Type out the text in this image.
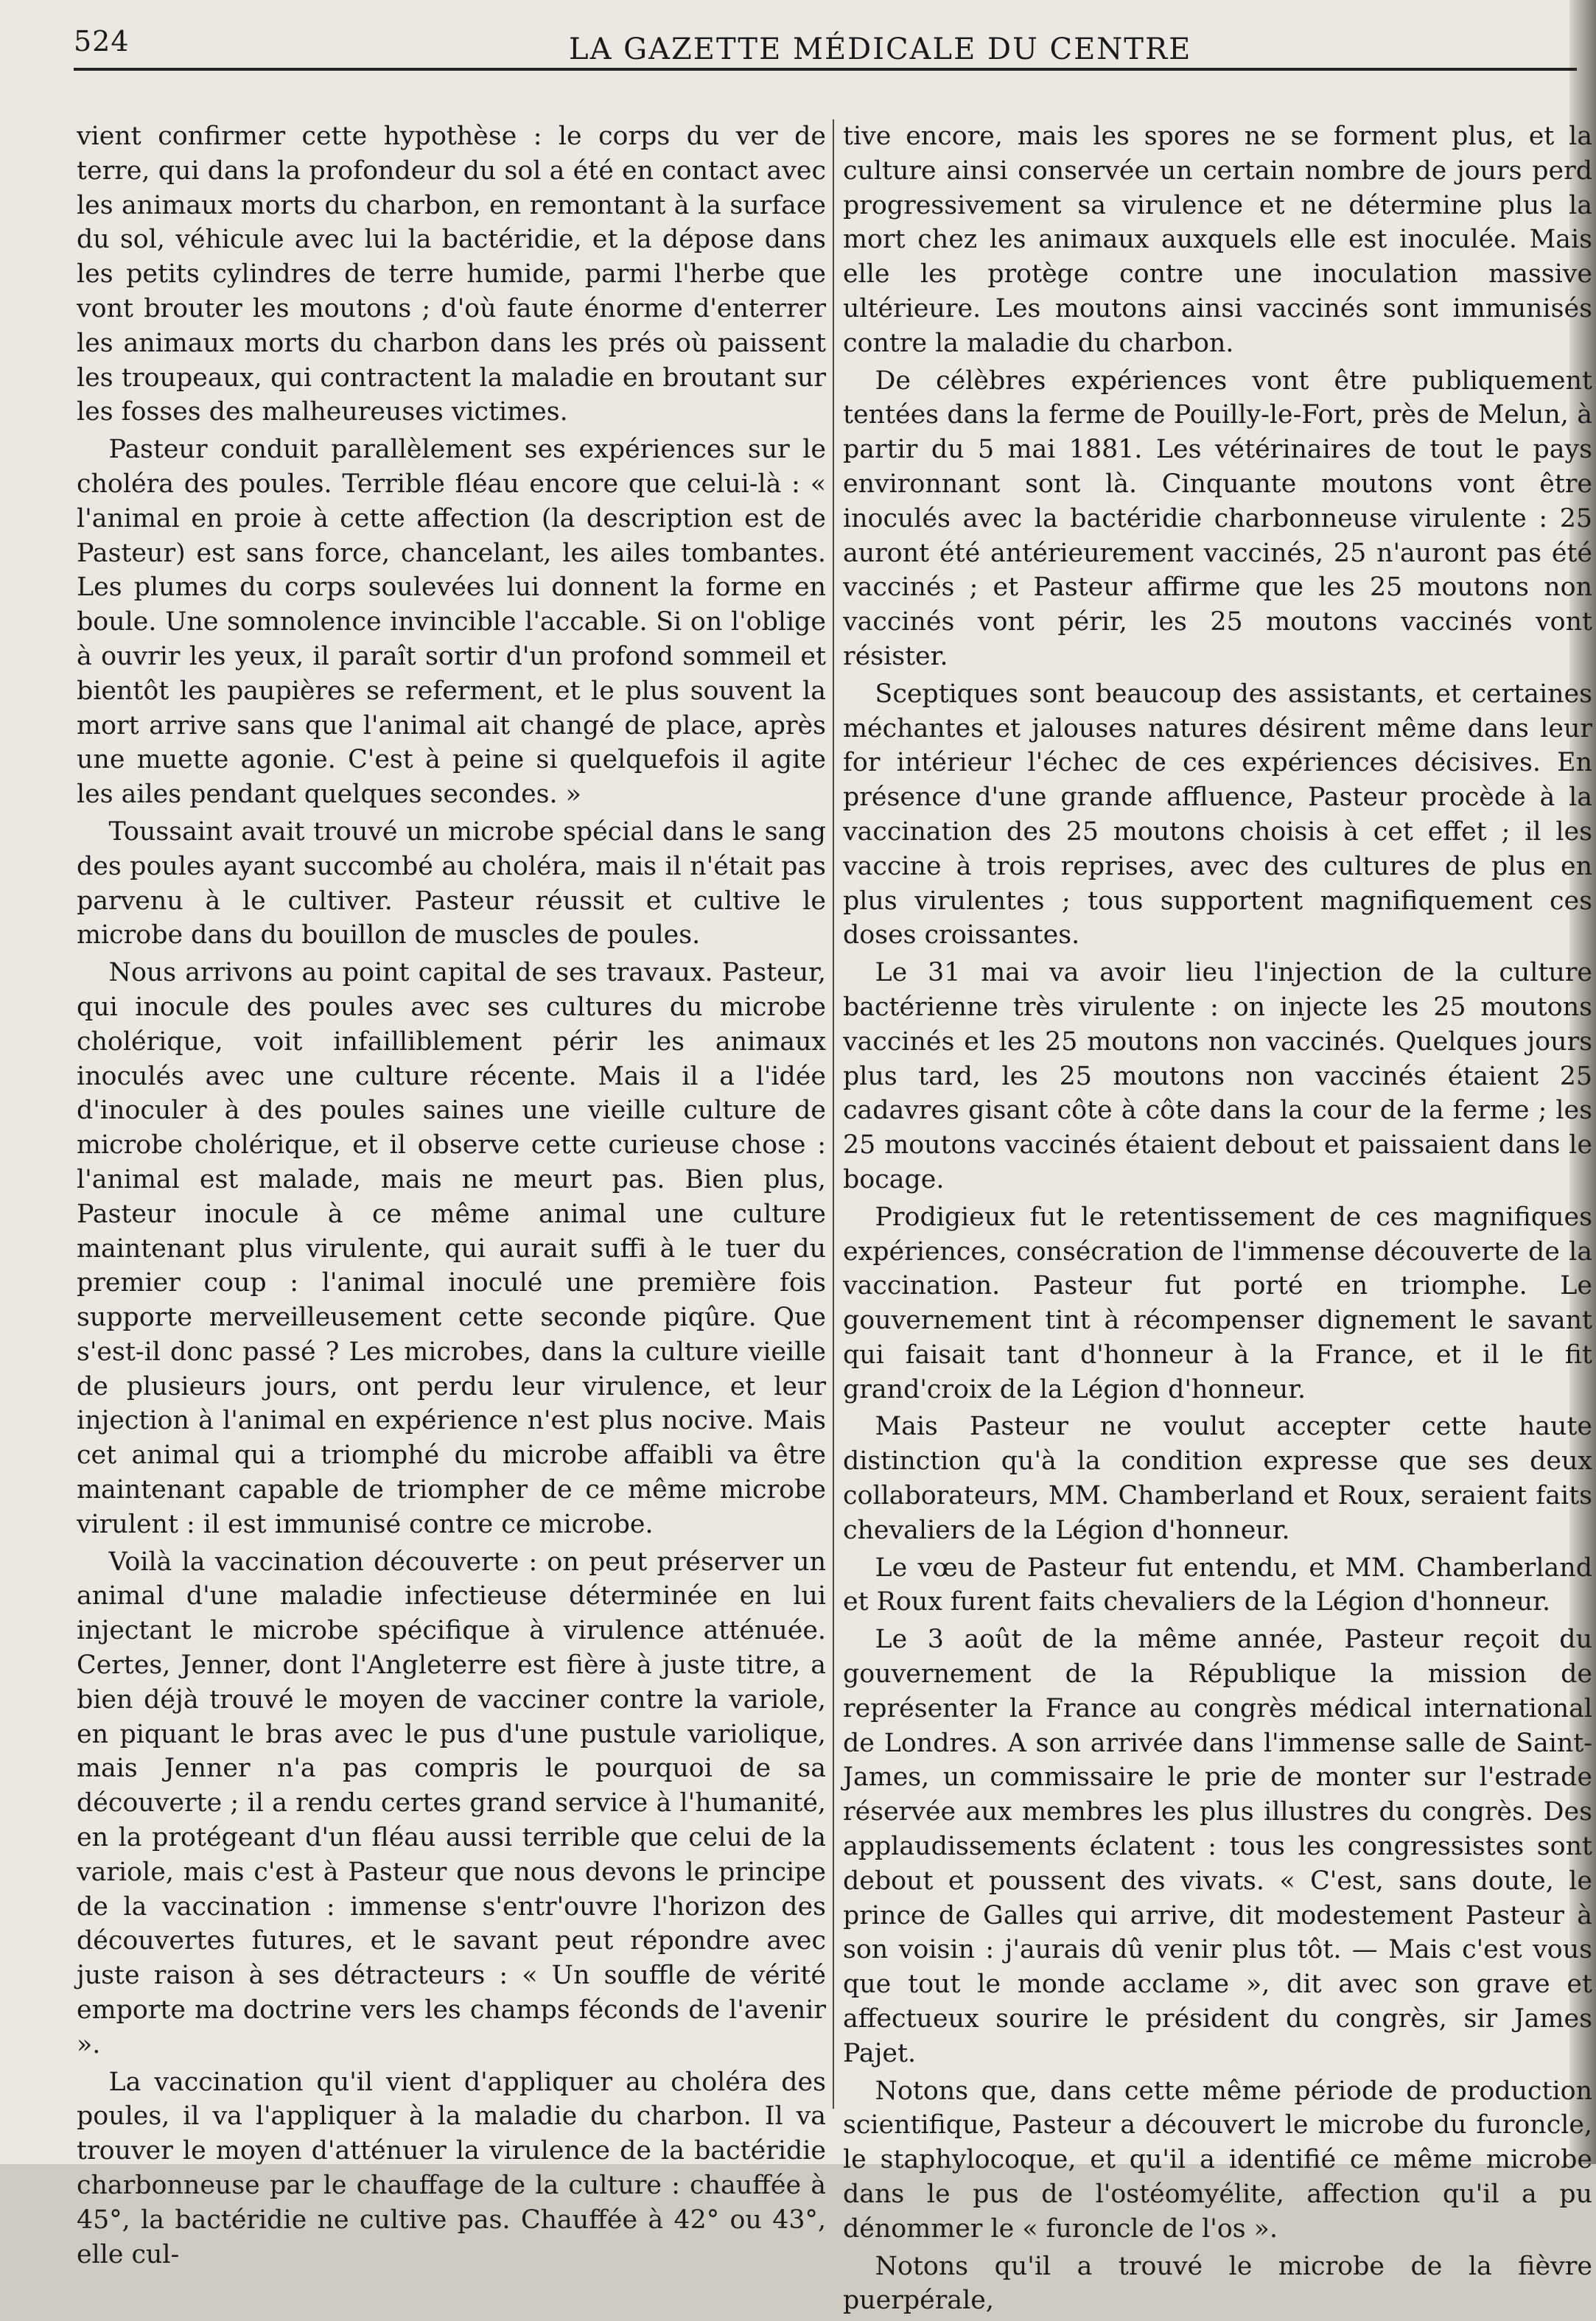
524	LA GAZETTE MÉDICALE DU CENTRE

vient confirmer cette hypothèse : le corps du ver de terre, qui dans la profondeur du sol a été en contact avec les animaux morts du charbon, en remontant à la surface du sol, véhicule avec lui la bactéridie, et la dépose dans les petits cylindres de terre humide, parmi l'herbe que vont brouter les moutons ; d'où faute énorme d'enterrer les animaux morts du charbon dans les prés où paissent les troupeaux, qui contractent la maladie en broutant sur les fosses des malheureuses victimes.

Pasteur conduit parallèlement ses expériences sur le choléra des poules. Terrible fléau encore que celui-là : « l'animal en proie à cette affection (la description est de Pasteur) est sans force, chancelant, les ailes tombantes. Les plumes du corps soulevées lui donnent la forme en boule. Une somnolence invincible l'accable. Si on l'oblige à ouvrir les yeux, il paraît sortir d'un profond sommeil et bientôt les paupières se referment, et le plus souvent la mort arrive sans que l'animal ait changé de place, après une muette agonie. C'est à peine si quelquefois il agite les ailes pendant quelques secondes. »

Toussaint avait trouvé un microbe spécial dans le sang des poules ayant succombé au choléra, mais il n'était pas parvenu à le cultiver. Pasteur réussit et cultive le microbe dans du bouillon de muscles de poules.

Nous arrivons au point capital de ses travaux. Pasteur, qui inocule des poules avec ses cultures du microbe cholérique, voit infailliblement périr les animaux inoculés avec une culture récente. Mais il a l'idée d'inoculer à des poules saines une vieille culture de microbe cholérique, et il observe cette curieuse chose : l'animal est malade, mais ne meurt pas. Bien plus, Pasteur inocule à ce même animal une culture maintenant plus virulente, qui aurait suffi à le tuer du premier coup : l'animal inoculé une première fois supporte merveilleusement cette seconde piqûre. Que s'est-il donc passé ? Les microbes, dans la culture vieille de plusieurs jours, ont perdu leur virulence, et leur injection à l'animal en expérience n'est plus nocive. Mais cet animal qui a triomphé du microbe affaibli va être maintenant capable de triompher de ce même microbe virulent : il est immunisé contre ce microbe.

Voilà la vaccination découverte : on peut préserver un animal d'une maladie infectieuse déterminée en lui injectant le microbe spécifique à virulence atténuée. Certes, Jenner, dont l'Angleterre est fière à juste titre, a bien déjà trouvé le moyen de vacciner contre la variole, en piquant le bras avec le pus d'une pustule variolique, mais Jenner n'a pas compris le pourquoi de sa découverte ; il a rendu certes grand service à l'humanité, en la protégeant d'un fléau aussi terrible que celui de la variole, mais c'est à Pasteur que nous devons le principe de la vaccination : immense s'entr'ouvre l'horizon des découvertes futures, et le savant peut répondre avec juste raison à ses détracteurs : « Un souffle de vérité emporte ma doctrine vers les champs féconds de l'avenir ».

La vaccination qu'il vient d'appliquer au choléra des poules, il va l'appliquer à la maladie du charbon. Il va trouver le moyen d'atténuer la virulence de la bactéridie charbonneuse par le chauffage de la culture : chauffée à 45°, la bactéridie ne cultive pas. Chauffée à 42° ou 43°, elle cul-

tive encore, mais les spores ne se forment plus, et la culture ainsi conservée un certain nombre de jours perd progressivement sa virulence et ne détermine plus la mort chez les animaux auxquels elle est inoculée. Mais elle les protège contre une inoculation massive ultérieure. Les moutons ainsi vaccinés sont immunisés contre la maladie du charbon.

De célèbres expériences vont être publiquement tentées dans la ferme de Pouilly-le-Fort, près de Melun, à partir du 5 mai 1881. Les vétérinaires de tout le pays environnant sont là. Cinquante moutons vont être inoculés avec la bactéridie charbonneuse virulente : 25 auront été antérieurement vaccinés, 25 n'auront pas été vaccinés ; et Pasteur affirme que les 25 moutons non vaccinés vont périr, les 25 moutons vaccinés vont résister.

Sceptiques sont beaucoup des assistants, et certaines méchantes et jalouses natures désirent même dans leur for intérieur l'échec de ces expériences décisives. En présence d'une grande affluence, Pasteur procède à la vaccination des 25 moutons choisis à cet effet ; il les vaccine à trois reprises, avec des cultures de plus en plus virulentes ; tous supportent magnifiquement ces doses croissantes.

Le 31 mai va avoir lieu l'injection de la culture bactérienne très virulente : on injecte les 25 moutons vaccinés et les 25 moutons non vaccinés. Quelques jours plus tard, les 25 moutons non vaccinés étaient 25 cadavres gisant côte à côte dans la cour de la ferme ; les 25 moutons vaccinés étaient debout et paissaient dans le bocage.

Prodigieux fut le retentissement de ces magnifiques expériences, consécration de l'immense découverte de la vaccination. Pasteur fut porté en triomphe. Le gouvernement tint à récompenser dignement le savant qui faisait tant d'honneur à la France, et il le fit grand'croix de la Légion d'honneur.

Mais Pasteur ne voulut accepter cette haute distinction qu'à la condition expresse que ses deux collaborateurs, MM. Chamberland et Roux, seraient faits chevaliers de la Légion d'honneur.

Le vœu de Pasteur fut entendu, et MM. Chamberland et Roux furent faits chevaliers de la Légion d'honneur.

Le 3 août de la même année, Pasteur reçoit du gouvernement de la République la mission de représenter la France au congrès médical international de Londres. A son arrivée dans l'immense salle de Saint-James, un commissaire le prie de monter sur l'estrade réservée aux membres les plus illustres du congrès. Des applaudissements éclatent : tous les congressistes sont debout et poussent des vivats. « C'est, sans doute, le prince de Galles qui arrive, dit modestement Pasteur à son voisin : j'aurais dû venir plus tôt. — Mais c'est vous que tout le monde acclame », dit avec son grave et affectueux sourire le président du congrès, sir James Pajet.

Notons que, dans cette même période de production scientifique, Pasteur a découvert le microbe du furoncle, le staphylocoque, et qu'il a identifié ce même microbe dans le pus de l'ostéomyélite, affection qu'il a pu dénommer le « furoncle de l'os ».

Notons qu'il a trouvé le microbe de la fièvre puerpérale,
